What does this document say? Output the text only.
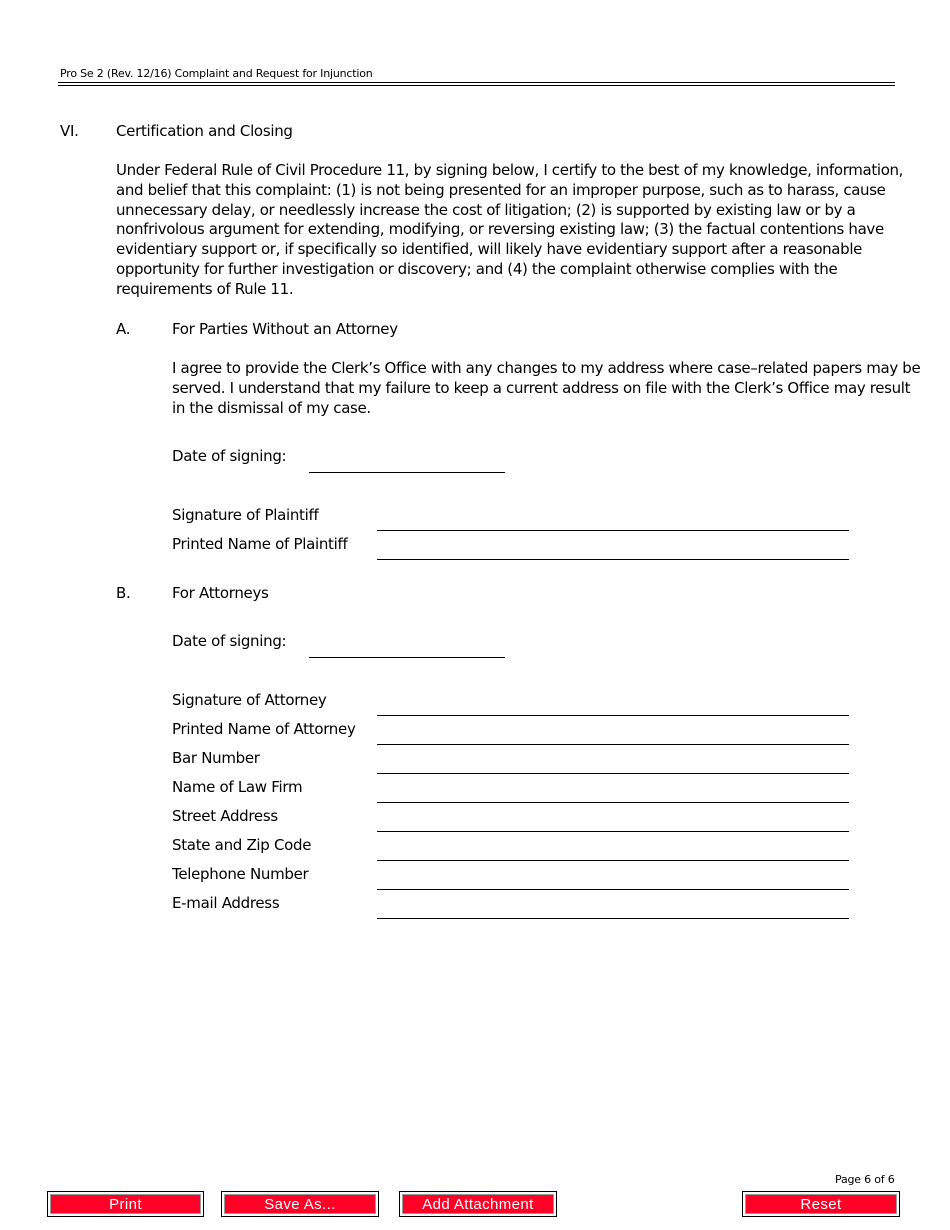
Pro Se 2 (Rev. 12/16) Complaint and Request for Injunction
VI. Certification and Closing
Under Federal Rule of Civil Procedure 11, by signing below, I certify to the best of my knowledge, information,
and belief that this complaint: (1) is not being presented for an improper purpose, such as to harass, cause
unnecessary delay, or needlessly increase the cost of litigation; (2) is supported by existing law or by a
nonfrivolous argument for extending, modifying, or reversing existing law; (3) the factual contentions have
evidentiary support or, if specifically so identified, will likely have evidentiary support after a reasonable
opportunity for further investigation or discovery; and (4) the complaint otherwise complies with the
requirements of Rule 11.
A.	For Parties Without an Attorney
I agree to provide the Clerk’s Office with any changes to my address where case–related papers may be
served. I understand that my failure to keep a current address on file with the Clerk’s Office may result
in the dismissal of my case.
Date of signing:
Signature of Plaintiff
Printed Name of Plaintiff
B.	For Attorneys
Date of signing:
Signature of Attorney
Printed Name of Attorney
Bar Number
Name of Law Firm
Street Address
State and Zip Code
Telephone Number
E-mail Address
Page 6 of 6
Print	Save As...	Add Attachment	Reset
